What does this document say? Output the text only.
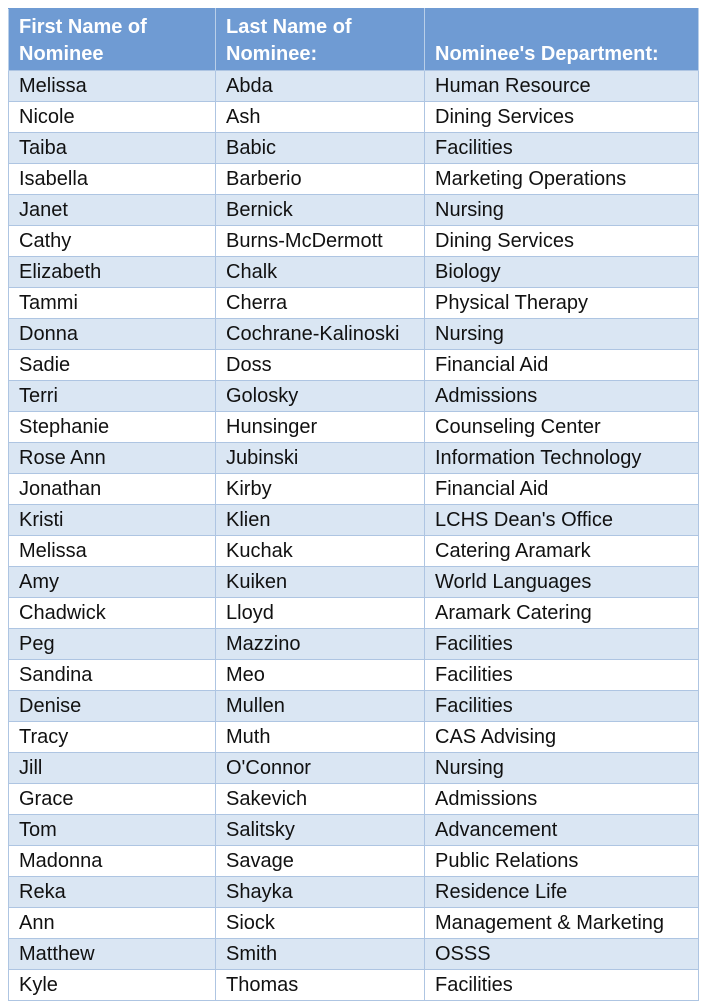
First Name of Nominee	Last Name of Nominee:	Nominee's Department:
Melissa	Abda	Human Resource
Nicole	Ash	Dining Services
Taiba	Babic	Facilities
Isabella	Barberio	Marketing Operations
Janet	Bernick	Nursing
Cathy	Burns-McDermott	Dining Services
Elizabeth	Chalk	Biology
Tammi	Cherra	Physical Therapy
Donna	Cochrane-Kalinoski	Nursing
Sadie	Doss	Financial Aid
Terri	Golosky	Admissions
Stephanie	Hunsinger	Counseling Center
Rose Ann	Jubinski	Information Technology
Jonathan	Kirby	Financial Aid
Kristi	Klien	LCHS Dean's Office
Melissa	Kuchak	Catering Aramark
Amy	Kuiken	World Languages
Chadwick	Lloyd	Aramark Catering
Peg	Mazzino	Facilities
Sandina	Meo	Facilities
Denise	Mullen	Facilities
Tracy	Muth	CAS Advising
Jill	O'Connor	Nursing
Grace	Sakevich	Admissions
Tom	Salitsky	Advancement
Madonna	Savage	Public Relations
Reka	Shayka	Residence Life
Ann	Siock	Management & Marketing
Matthew	Smith	OSSS
Kyle	Thomas	Facilities
